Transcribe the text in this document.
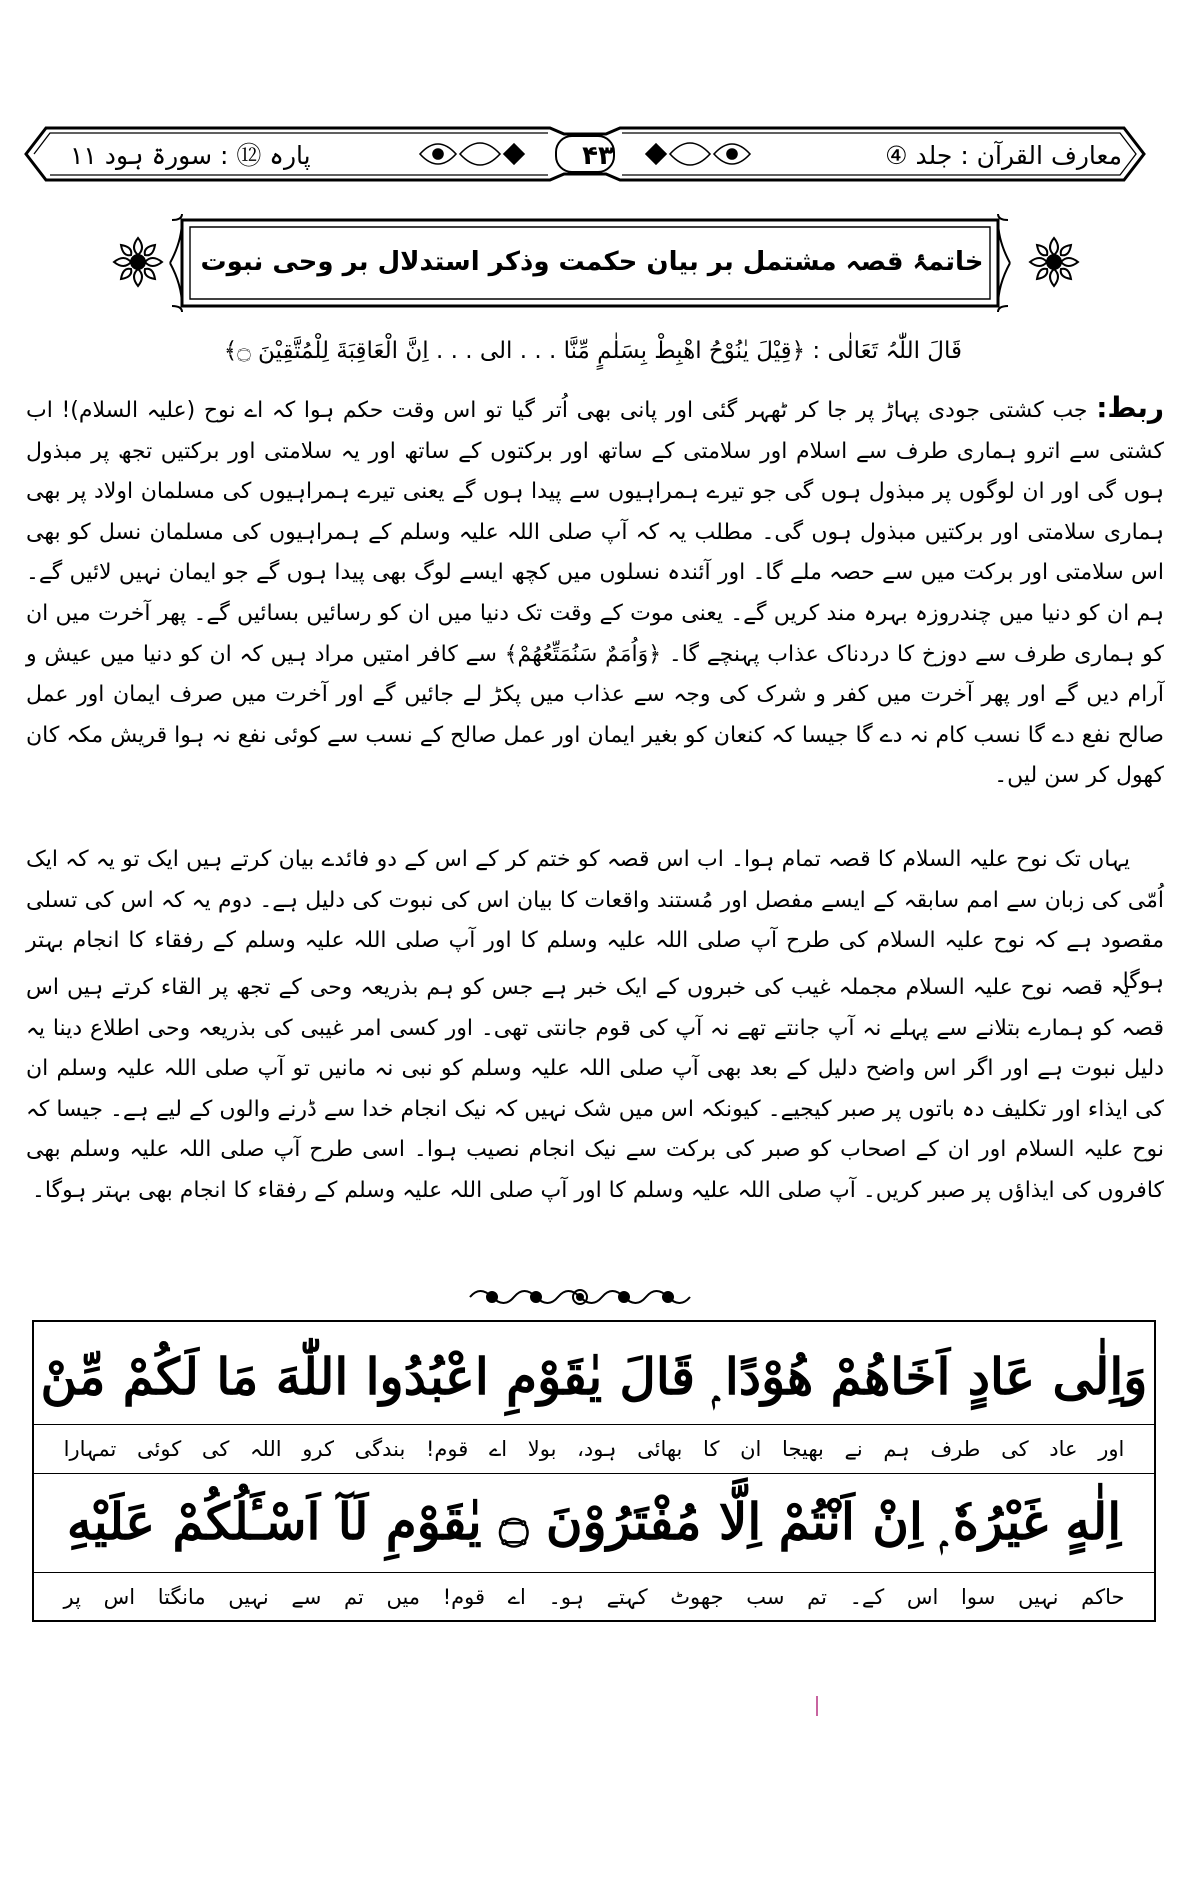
معارف القرآن : جلد ④
۴۳
پارہ ⑫ : سورۃ ہود ۱۱
خاتمۂ قصہ مشتمل بر بیان حکمت وذکر استدلال بر وحی نبوت
قَالَ اللّٰہُ تَعَالٰی : ﴿قِيْلَ يٰنُوْحُ اهْبِطْ بِسَلٰمٍ مِّنَّا . . . الی . . . اِنَّ الْعَاقِبَةَ لِلْمُتَّقِيْنَ ۝﴾

ربط: جب کشتی جودی پہاڑ پر جا کر ٹھہر گئی اور پانی بھی اُتر گیا تو اس وقت حکم ہوا کہ اے نوح (علیہ السلام)! اب کشتی سے اترو ہماری طرف سے اسلام اور سلامتی کے ساتھ اور برکتوں کے ساتھ اور یہ سلامتی اور برکتیں تجھ پر مبذول ہوں گی اور ان لوگوں پر مبذول ہوں گی جو تیرے ہمراہیوں سے پیدا ہوں گے یعنی تیرے ہمراہیوں کی مسلمان اولاد پر بھی ہماری سلامتی اور برکتیں مبذول ہوں گی۔ مطلب یہ کہ آپ صلی اللہ علیہ وسلم کے ہمراہیوں کی مسلمان نسل کو بھی اس سلامتی اور برکت میں سے حصہ ملے گا۔ اور آئندہ نسلوں میں کچھ ایسے لوگ بھی پیدا ہوں گے جو ایمان نہیں لائیں گے۔ ہم ان کو دنیا میں چندروزہ بہرہ مند کریں گے۔ یعنی موت کے وقت تک دنیا میں ان کو رسائیں بسائیں گے۔ پھر آخرت میں ان کو ہماری طرف سے دوزخ کا دردناک عذاب پہنچے گا۔ ﴿وَاُمَمٌ سَنُمَتِّعُهُمْ﴾ سے کافر امتیں مراد ہیں کہ ان کو دنیا میں عیش و آرام دیں گے اور پھر آخرت میں کفر و شرک کی وجہ سے عذاب میں پکڑ لے جائیں گے اور آخرت میں صرف ایمان اور عمل صالح نفع دے گا نسب کام نہ دے گا جیسا کہ کنعان کو بغیر ایمان اور عمل صالح کے نسب سے کوئی نفع نہ ہوا قریش مکہ کان کھول کر سن لیں۔

یہاں تک نوح علیہ السلام کا قصہ تمام ہوا۔ اب اس قصہ کو ختم کر کے اس کے دو فائدے بیان کرتے ہیں ایک تو یہ کہ ایک اُمّی کی زبان سے امم سابقہ کے ایسے مفصل اور مُستند واقعات کا بیان اس کی نبوت کی دلیل ہے۔ دوم یہ کہ اس کی تسلی مقصود ہے کہ نوح علیہ السلام کی طرح آپ صلی اللہ علیہ وسلم کا اور آپ صلی اللہ علیہ وسلم کے رفقاء کا انجام بہتر ہوگا۔

یہ قصہ نوح علیہ السلام مجملہ غیب کی خبروں کے ایک خبر ہے جس کو ہم بذریعہ وحی کے تجھ پر القاء کرتے ہیں اس قصہ کو ہمارے بتلانے سے پہلے نہ آپ جانتے تھے نہ آپ کی قوم جانتی تھی۔ اور کسی امر غیبی کی بذریعہ وحی اطلاع دینا یہ دلیل نبوت ہے اور اگر اس واضح دلیل کے بعد بھی آپ صلی اللہ علیہ وسلم کو نبی نہ مانیں تو آپ صلی اللہ علیہ وسلم ان کی ایذاء اور تکلیف دہ باتوں پر صبر کیجیے۔ کیونکہ اس میں شک نہیں کہ نیک انجام خدا سے ڈرنے والوں کے لیے ہے۔ جیسا کہ نوح علیہ السلام اور ان کے اصحاب کو صبر کی برکت سے نیک انجام نصیب ہوا۔ اسی طرح آپ صلی اللہ علیہ وسلم بھی کافروں کی ایذاؤں پر صبر کریں۔ آپ صلی اللہ علیہ وسلم کا اور آپ صلی اللہ علیہ وسلم کے رفقاء کا انجام بھی بہتر ہوگا۔

وَاِلٰى عَادٍ اَخَاهُمْ هُوْدًا ۭ قَالَ يٰقَوْمِ اعْبُدُوا اللّٰهَ مَا لَكُمْ مِّنْ
اور عاد کی طرف ہم نے بھیجا ان کا بھائی ہود، بولا اے قوم! بندگی کرو اللہ کی کوئی تمہارا
اِلٰهٍ غَيْرُهٗ ۭ اِنْ اَنْتُمْ اِلَّا مُفْتَرُوْنَ ۝ يٰقَوْمِ لَآ اَسْـَٔلُكُمْ عَلَيْهِ
حاکم نہیں سوا اس کے۔ تم سب جھوٹ کہتے ہو۔ اے قوم! میں تم سے نہیں مانگتا اس پر
